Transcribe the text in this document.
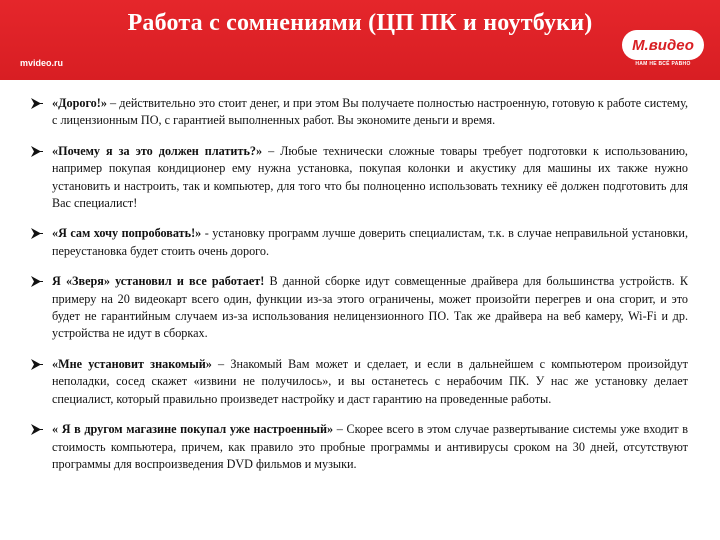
Работа с сомнениями (ЦП ПК и ноутбуки)
mvideo.ru
М.видео
НАМ НЕ ВСЁ РАВНО
«Дорого!» – действительно это стоит денег, и при этом Вы получаете полностью настроенную, готовую к работе систему, с лицензионным ПО, с гарантией выполненных работ. Вы экономите деньги и время.
«Почему я за это должен платить?» – Любые технически сложные товары требует подготовки к использованию, например покупая кондиционер ему нужна установка, покупая колонки и акустику для машины их также нужно установить и настроить, так и компьютер, для того что бы полноценно использовать технику её должен подготовить для Вас специалист!
«Я сам хочу попробовать!» - установку программ лучше доверить специалистам, т.к. в случае неправильной установки, переустановка будет стоить очень дорого.
Я «Зверя» установил и все работает! В данной сборке идут совмещенные драйвера для большинства устройств. К примеру на 20 видеокарт всего один, функции из-за этого ограничены, может произойти перегрев и она сгорит, и это будет не гарантийным случаем из-за использования нелицензионного ПО. Так же драйвера на веб камеру, Wi-Fi и др. устройства не идут в сборках.
«Мне установит знакомый» – Знакомый Вам может и сделает, и если в дальнейшем с компьютером произойдут неполадки, сосед скажет «извини не получилось», и вы останетесь с нерабочим ПК. У нас же установку делает специалист, который правильно произведет настройку и даст гарантию на проведенные работы.
« Я в другом магазине покупал уже настроенный» – Скорее всего в этом случае развертывание системы уже входит в стоимость компьютера, причем, как правило это пробные программы и антивирусы сроком на 30 дней, отсутствуют программы для воспроизведения DVD фильмов и музыки.
